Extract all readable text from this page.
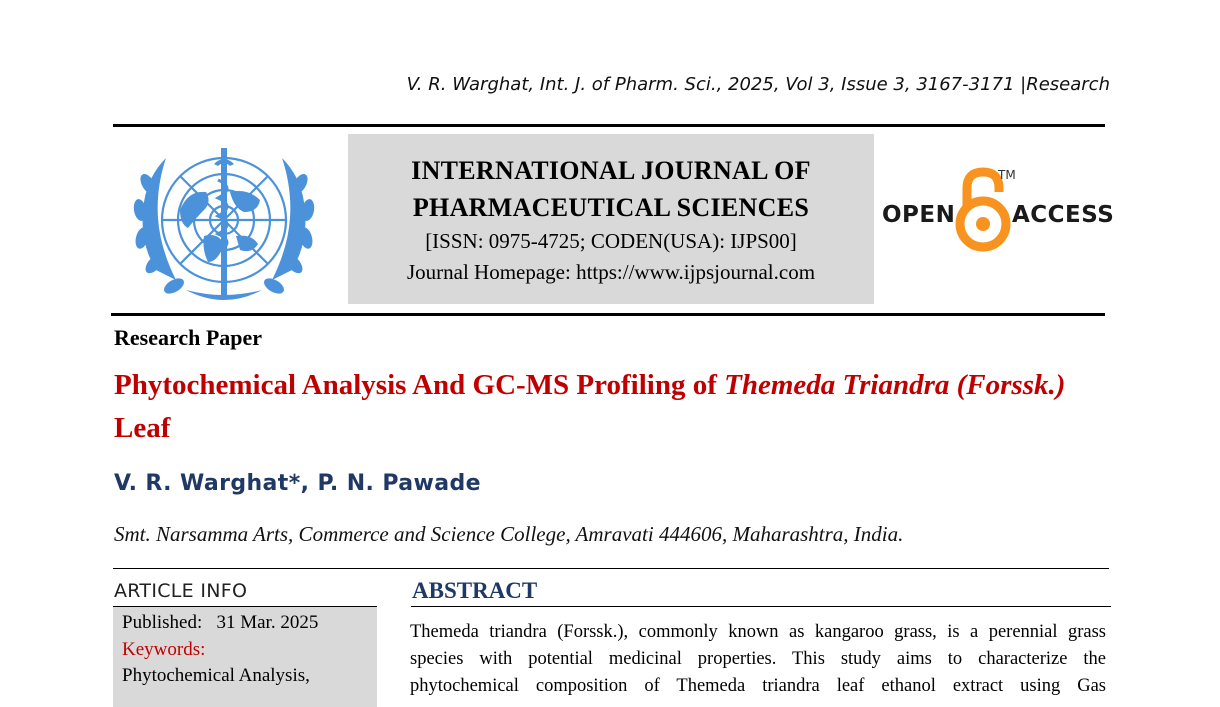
V. R. Warghat, Int. J. of Pharm. Sci., 2025, Vol 3, Issue 3, 3167-3171 |Research
INTERNATIONAL JOURNAL OF
PHARMACEUTICAL SCIENCES
[ISSN: 0975-4725; CODEN(USA): IJPS00]
Journal Homepage: https://www.ijpsjournal.com
OPEN
TM
ACCESS
Research Paper
Phytochemical Analysis And GC-MS Profiling of Themeda Triandra (Forssk.) Leaf
V. R. Warghat*, P. N. Pawade
Smt. Narsamma Arts, Commerce and Science College, Amravati 444606, Maharashtra, India.
ARTICLE INFO
Published: 31 Mar. 2025
Keywords:
Phytochemical Analysis,
ABSTRACT
Themeda triandra (Forssk.), commonly known as kangaroo grass, is a perennial grass
species with potential medicinal properties. This study aims to characterize the
phytochemical composition of Themeda triandra leaf ethanol extract using Gas
